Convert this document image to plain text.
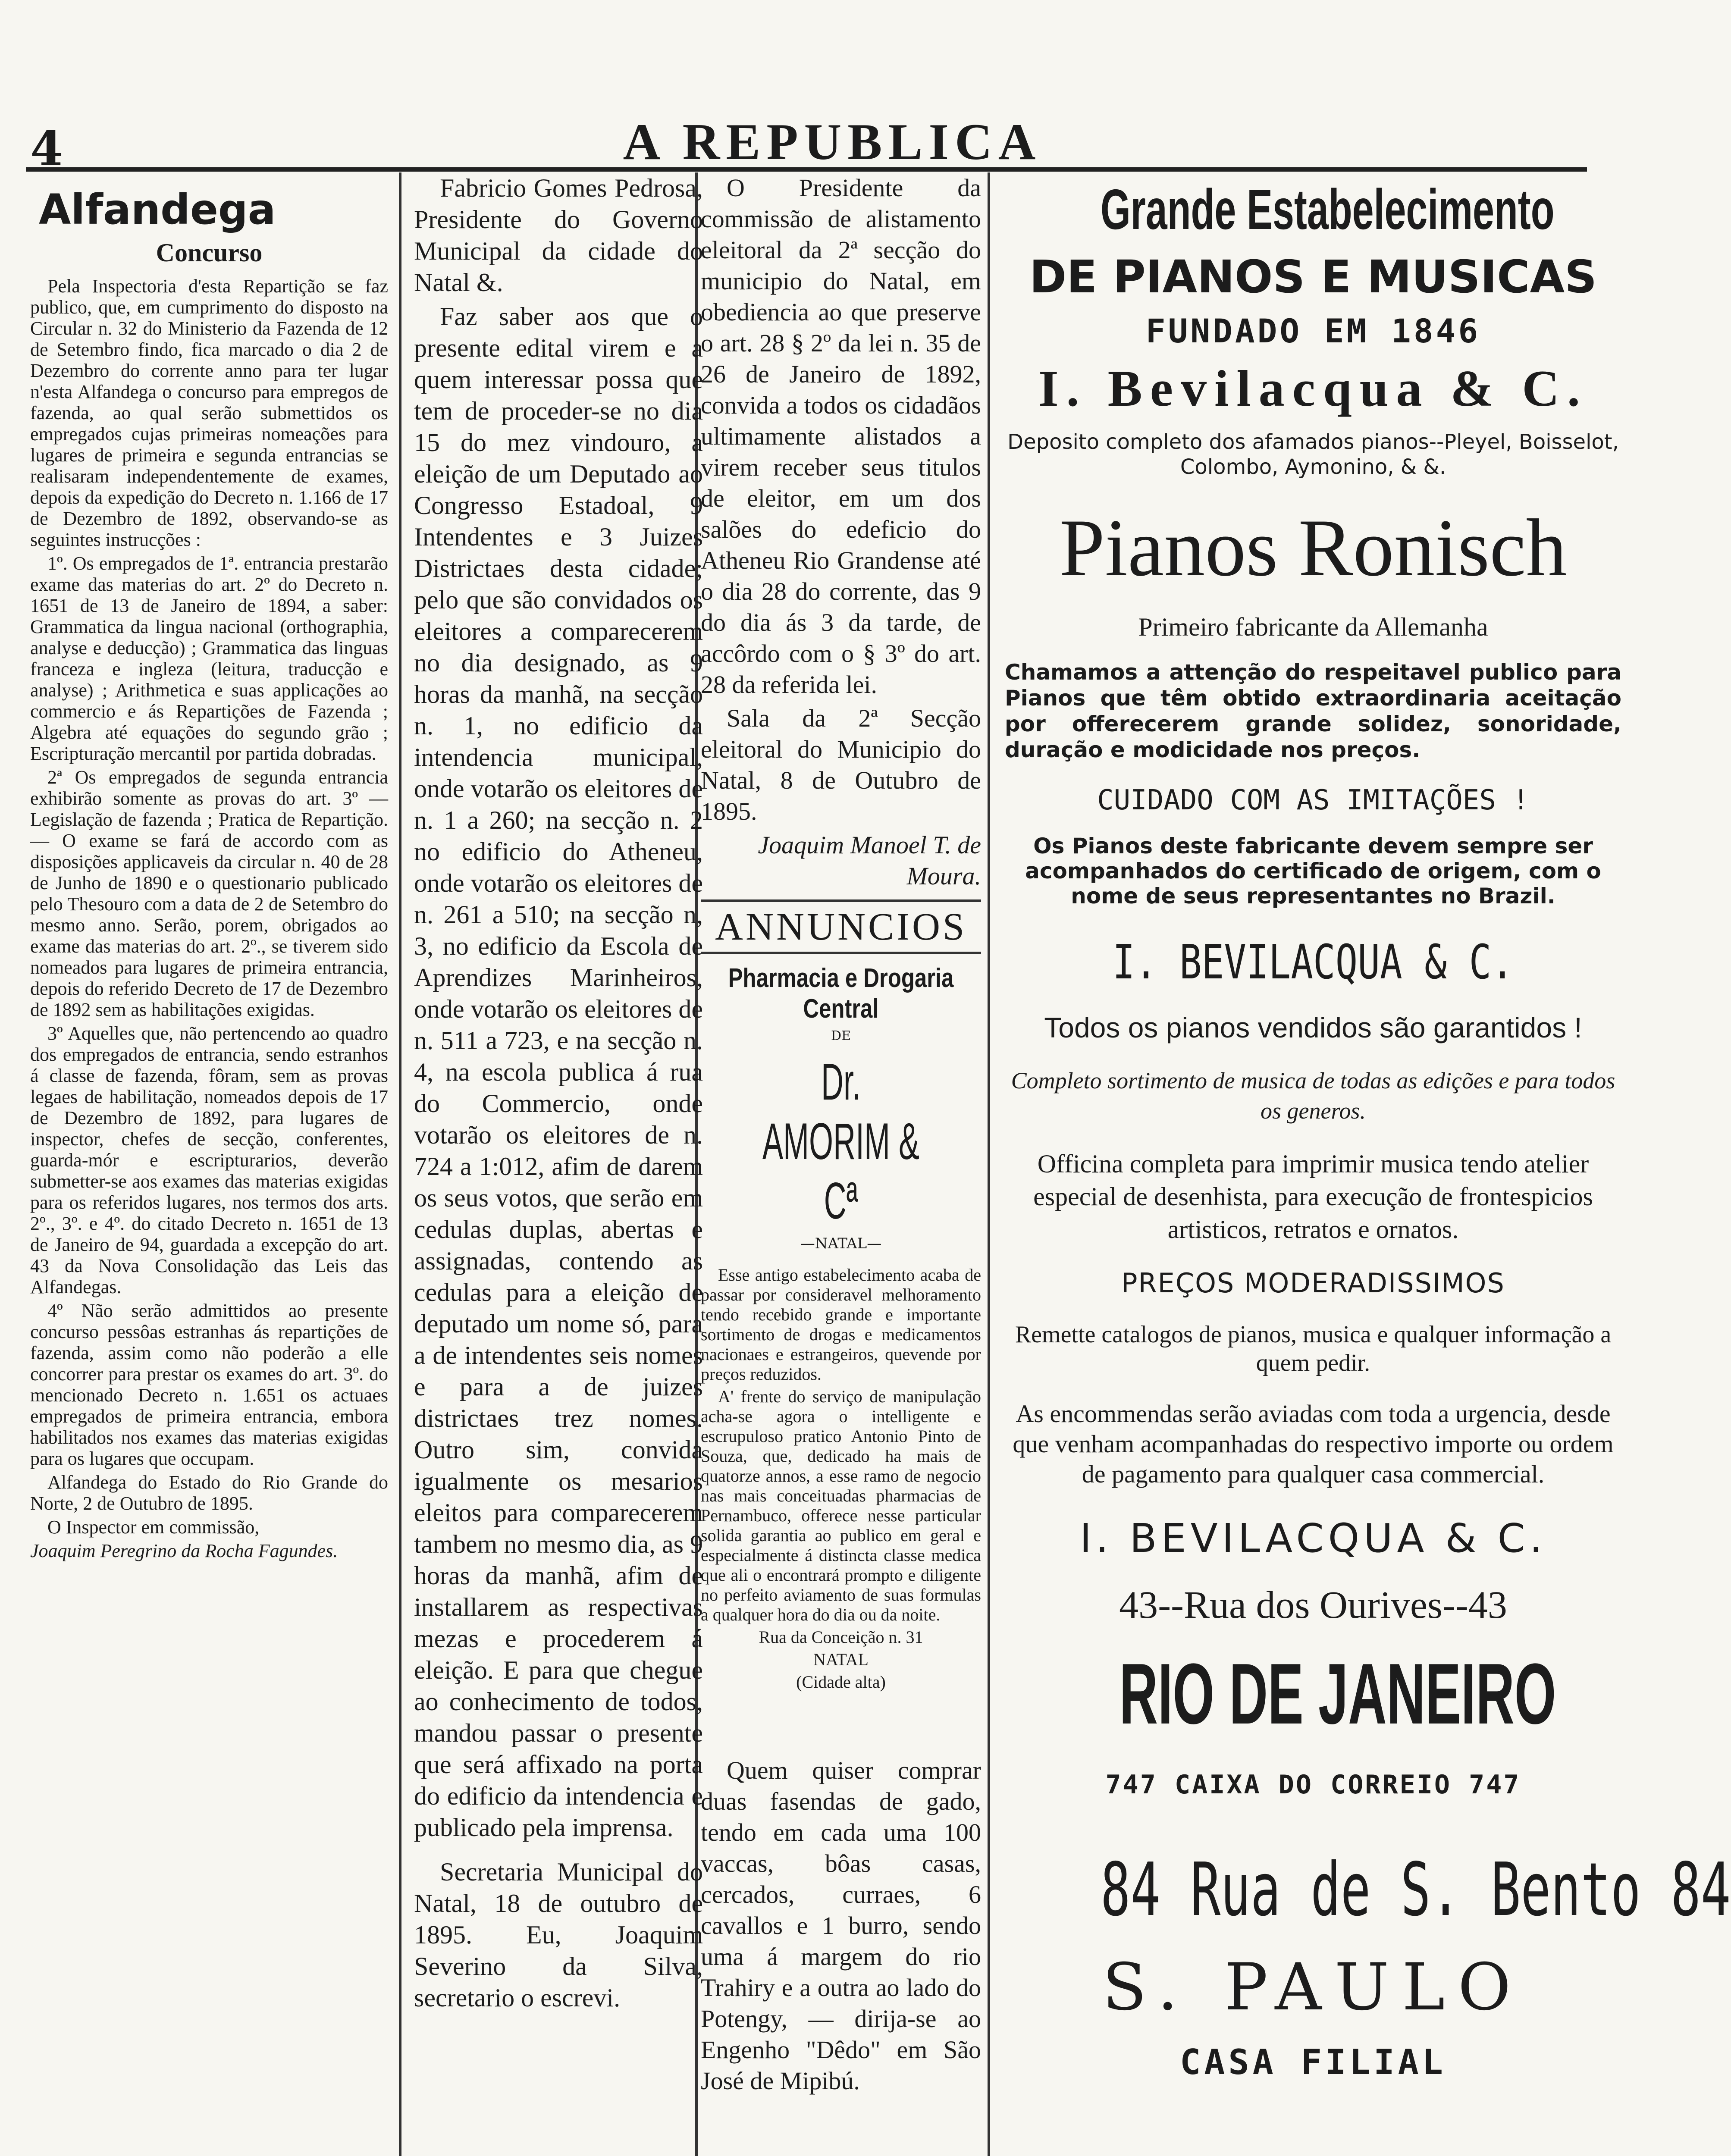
4	A REPUBLICA
Alfandega
Concurso

Pela Inspectoria d'esta Repartição se faz publico, que, em cumprimento do disposto na Circular n. 32 do Ministerio da Fazenda de 12 de Setembro findo, fica marcado o dia 2 de Dezembro do corrente anno para ter lugar n'esta Alfandega o concurso para empregos de fazenda, ao qual serão submettidos os empregados cujas primeiras nomeações para lugares de primeira e segunda entrancias se realisaram independentemente de exames, depois da expedição do Decreto n. 1.166 de 17 de Dezembro de 1892, observando-se as seguintes instrucções :

1º. Os empregados de 1ª. entrancia prestarão exame das materias do art. 2º do Decreto n. 1651 de 13 de Janeiro de 1894, a saber: Grammatica da lingua nacional (orthographia, analyse e deducção) ; Grammatica das linguas franceza e ingleza (leitura, traducção e analyse) ; Arithmetica e suas applicações ao commercio e ás Repartições de Fazenda ; Algebra até equações do segundo grão ; Escripturação mercantil por partida dobradas.

2ª Os empregados de segunda entrancia exhibirão somente as provas do art. 3º — Legislação de fazenda ; Pratica de Repartição.— O exame se fará de accordo com as disposições applicaveis da circular n. 40 de 28 de Junho de 1890 e o questionario publicado pelo Thesouro com a data de 2 de Setembro do mesmo anno. Serão, porem, obrigados ao exame das materias do art. 2º., se tiverem sido nomeados para lugares de primeira entrancia, depois do referido Decreto de 17 de Dezembro de 1892 sem as habilitações exigidas.

3º Aquelles que, não pertencendo ao quadro dos empregados de entrancia, sendo estranhos á classe de fazenda, fôram, sem as provas legaes de habilitação, nomeados depois de 17 de Dezembro de 1892, para lugares de inspector, chefes de secção, conferentes, guarda-mór e escripturarios, deverão submetter-se aos exames das materias exigidas para os referidos lugares, nos termos dos arts. 2º., 3º. e 4º. do citado Decreto n. 1651 de 13 de Janeiro de 94, guardada a excepção do art. 43 da Nova Consolidação das Leis das Alfandegas.

4º Não serão admittidos ao presente concurso pessôas estranhas ás repartições de fazenda, assim como não poderão a elle concorrer para prestar os exames do art. 3º. do mencionado Decreto n. 1.651 os actuaes empregados de primeira entrancia, embora habilitados nos exames das materias exigidas para os lugares que occupam.

Alfandega do Estado do Rio Grande do Norte, 2 de Outubro de 1895.

O Inspector em commissão,

Joaquim Peregrino da Rocha Fagundes.

Fabricio Gomes Pedrosa, Presidente do Governo Municipal da cidade do Natal &.

Faz saber aos que o presente edital virem e a quem interessar possa que tem de proceder-se no dia 15 do mez vindouro, a eleição de um Deputado ao Congresso Estadoal, 9 Intendentes e 3 Juizes Districtaes desta cidade; pelo que são convidados os eleitores a comparecerem no dia designado, as 9 horas da manhã, na secção n. 1, no edificio da intendencia municipal, onde votarão os eleitores de n. 1 a 260; na secção n. 2 no edificio do Atheneu, onde votarão os eleitores de n. 261 a 510; na secção n, 3, no edificio da Escola de Aprendizes Marinheiros, onde votarão os eleitores de n. 511 a 723, e na secção n. 4, na escola publica á rua do Commercio, onde votarão os eleitores de n. 724 a 1:012, afim de darem os seus votos, que serão em cedulas duplas, abertas e assignadas, contendo as cedulas para a eleição de deputado um nome só, para a de intendentes seis nomes e para a de juizes districtaes trez nomes. Outro sim, convida igualmente os mesarios eleitos para comparecerem tambem no mesmo dia, as 9 horas da manhã, afim de installarem as respectivas mezas e procederem á eleição. E para que chegue ao conhecimento de todos, mandou passar o presente que será affixado na porta do edificio da intendencia e publicado pela imprensa.

Secretaria Municipal do Natal, 18 de outubro de 1895. Eu, Joaquim Severino da Silva, secretario o escrevi.

O Presidente da commissão de alistamento eleitoral da 2ª secção do municipio do Natal, em obediencia ao que preserve o art. 28 § 2º da lei n. 35 de 26 de Janeiro de 1892, convida a todos os cidadãos ultimamente alistados a virem receber seus titulos de eleitor, em um dos salões do edeficio do Atheneu Rio Grandense até o dia 28 do corrente, das 9 do dia ás 3 da tarde, de accôrdo com o § 3º do art. 28 da referida lei.

Sala da 2ª Secção eleitoral do Municipio do Natal, 8 de Outubro de 1895.

Joaquim Manoel T. de Moura.

ANNUNCIOS
Pharmacia e Drogaria Central
DE
Dr. AMORIM & Cª
—NATAL—

Esse antigo estabelecimento acaba de passar por consideravel melhoramento tendo recebido grande e importante sortimento de drogas e medicamentos nacionaes e estrangeiros, quevende por preços reduzidos.

A' frente do serviço de manipulação acha-se agora o intelligente e escrupuloso pratico Antonio Pinto de Souza, que, dedicado ha mais de quatorze annos, a esse ramo de negocio nas mais conceituadas pharmacias de Pernambuco, offerece nesse particular solida garantia ao publico em geral e especialmente á distincta classe medica que ali o encontrará prompto e diligente no perfeito aviamento de suas formulas a qualquer hora do dia ou da noite.

Rua da Conceição n. 31

NATAL

(Cidade alta)

Quem quiser comprar duas fasendas de gado, tendo em cada uma 100 vaccas, bôas casas, cercados, curraes, 6 cavallos e 1 burro, sendo uma á margem do rio Trahiry e a outra ao lado do Potengy, — dirija-se ao Engenho "Dêdo" em São José de Mipibú.

Grande Estabelecimento
DE PIANOS E MUSICAS
FUNDADO EM 1846
I. Bevilacqua & C.
Deposito completo dos afamados pianos--Pleyel, Boisselot, Colombo, Aymonino, & &.
Pianos Ronisch
Primeiro fabricante da Allemanha
Chamamos a attenção do respeitavel publico para Pianos que têm obtido extraordinaria aceitação por offerecerem grande solidez, sonoridade, duração e modicidade nos preços.
CUIDADO COM AS IMITAÇÕES !
Os Pianos deste fabricante devem sempre ser acompanhados do certificado de origem, com o nome de seus representantes no Brazil.
I. BEVILACQUA & C.
Todos os pianos vendidos são garantidos !
Completo sortimento de musica de todas as edições e para todos os generos.
Officina completa para imprimir musica tendo atelier especial de desenhista, para execução de frontespicios artisticos, retratos e ornatos.
PREÇOS MODERADISSIMOS
Remette catalogos de pianos, musica e qualquer informação a quem pedir.
As encommendas serão aviadas com toda a urgencia, desde que venham acompanhadas do respectivo importe ou ordem de pagamento para qualquer casa commercial.
I. BEVILACQUA & C.
43--Rua dos Ourives--43
RIO DE JANEIRO
747 CAIXA DO CORREIO 747
84 Rua de S. Bento 84
S. PAULO
CASA FILIAL
